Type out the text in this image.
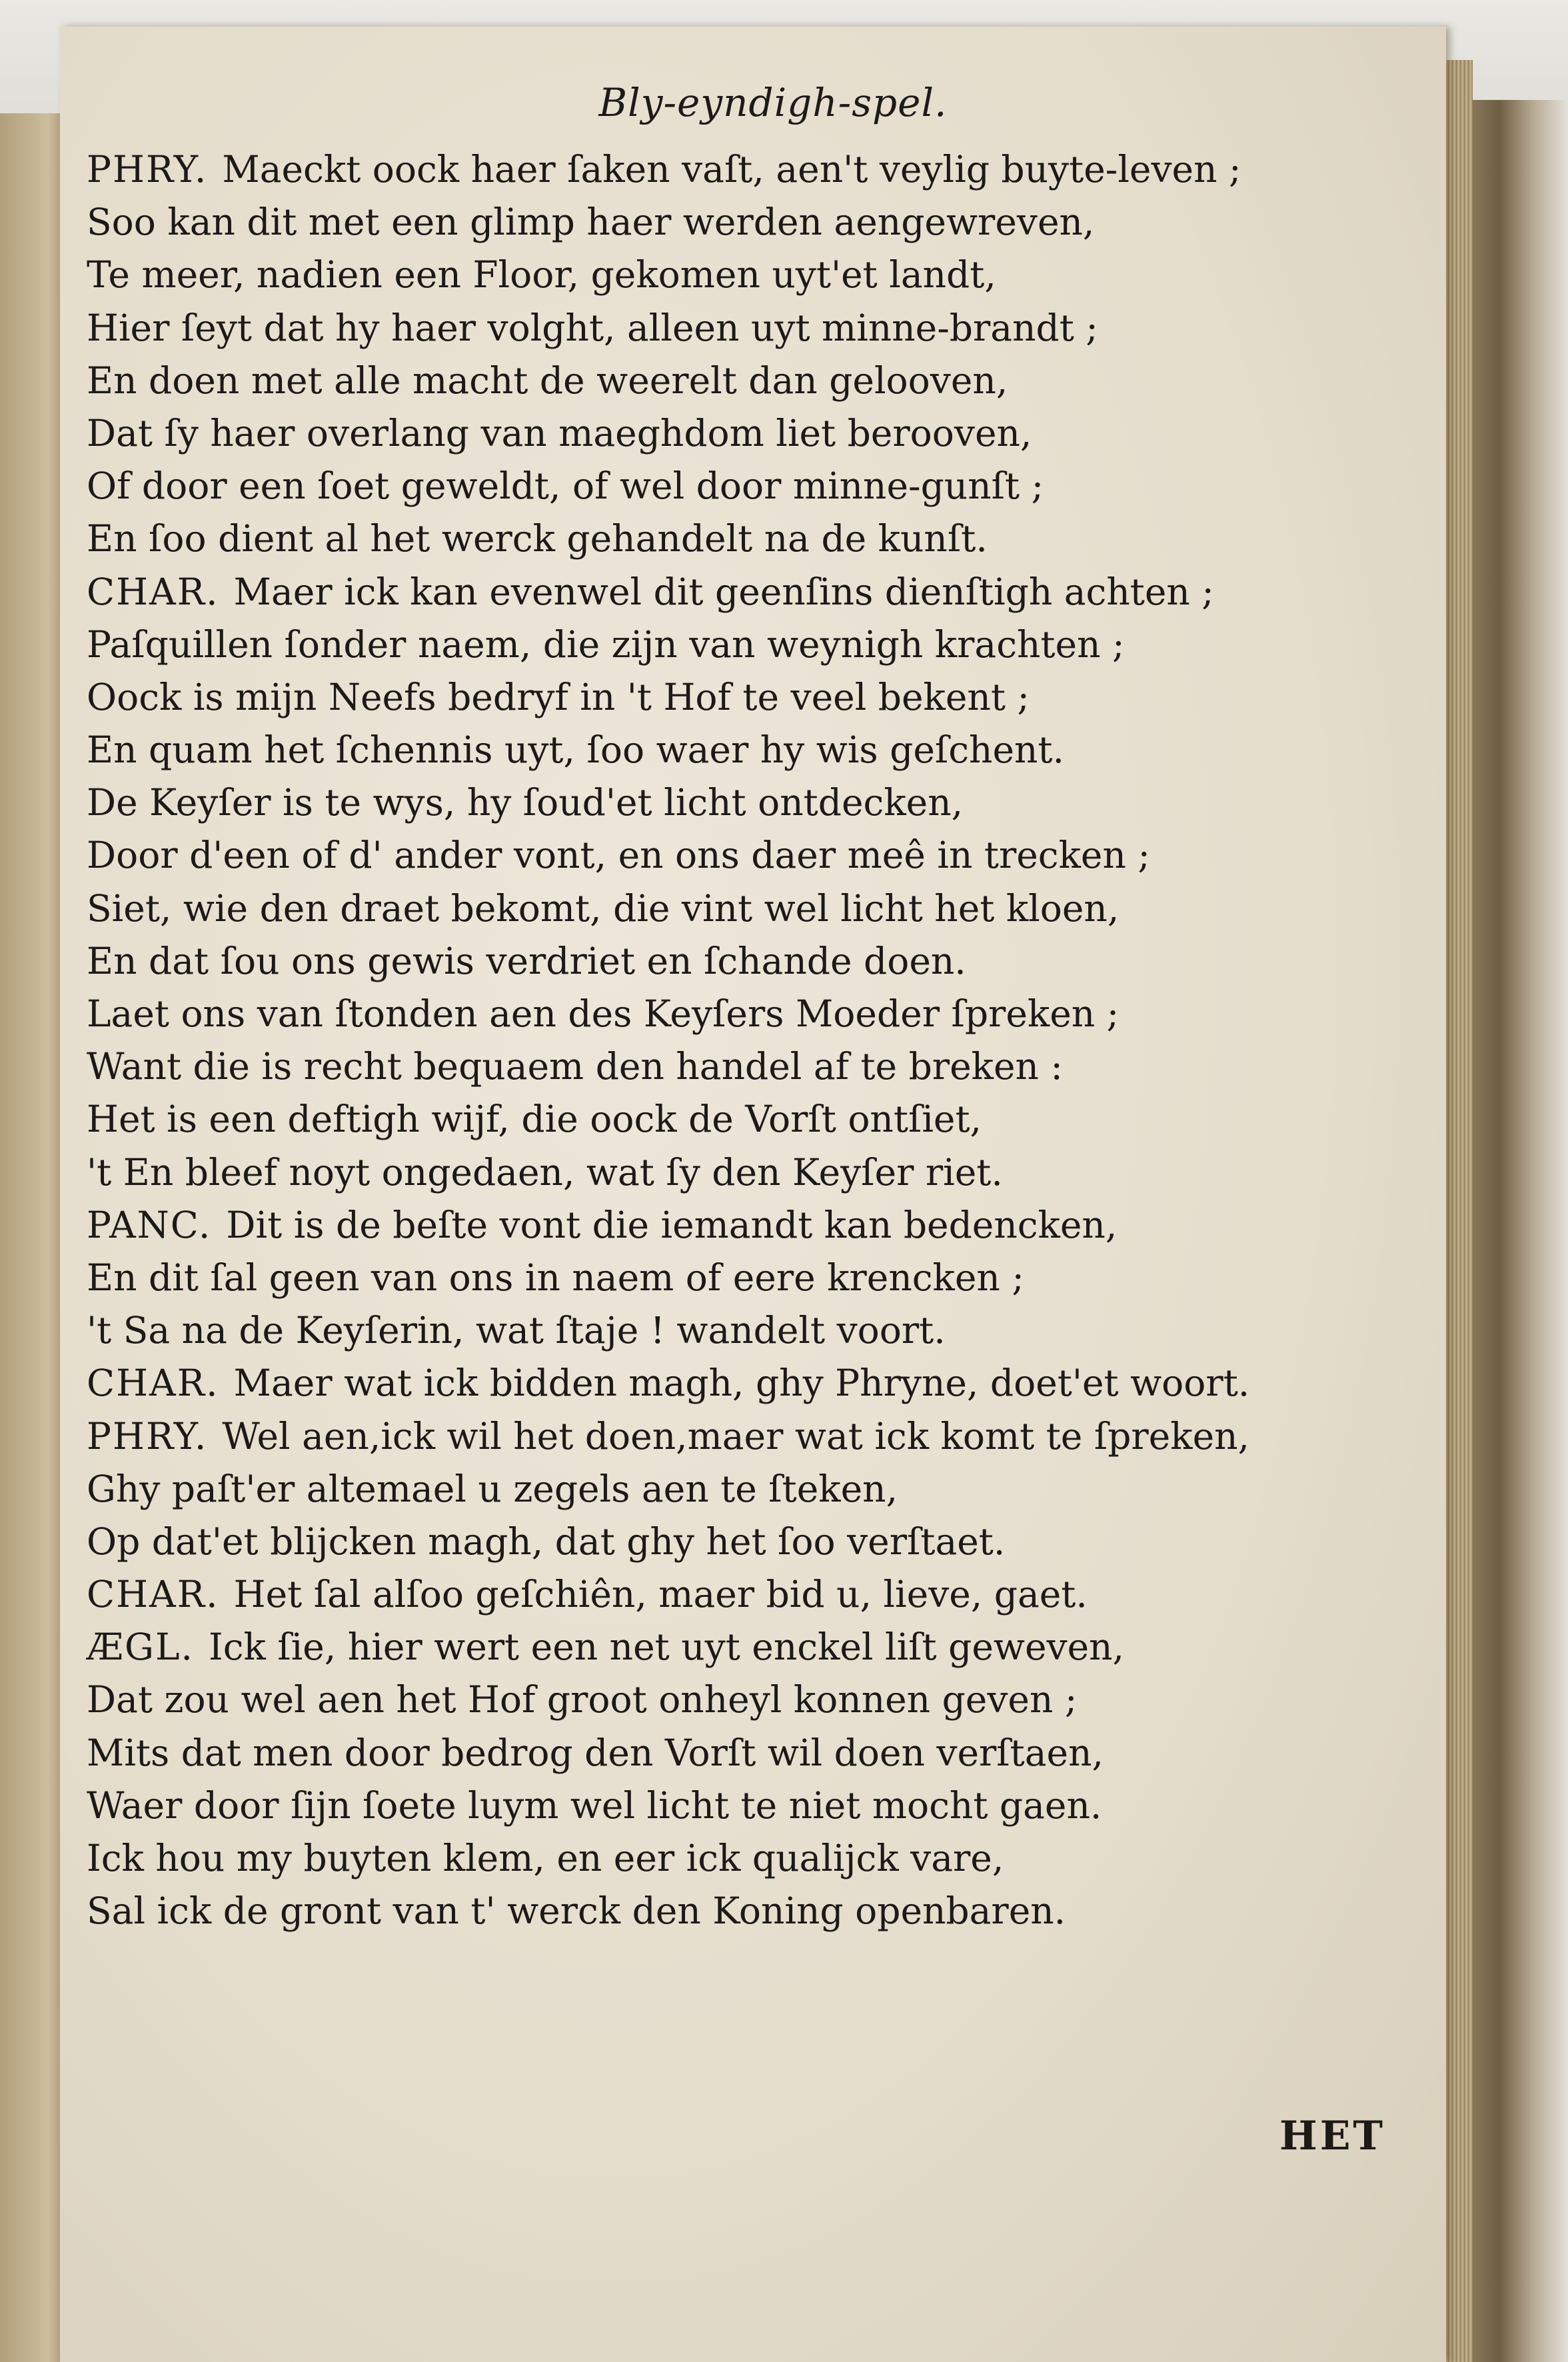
Bly-eyndigh-spel.
PHRY. Maeckt oock haer ſaken vaſt, aen't veylig buyte-leven ;
Soo kan dit met een glimp haer werden aengewreven,
Te meer, nadien een Floor, gekomen uyt'et landt,
Hier ſeyt dat hy haer volght, alleen uyt minne-brandt ;
En doen met alle macht de weerelt dan gelooven,
Dat ſy haer overlang van maeghdom liet berooven,
Of door een ſoet geweldt, of wel door minne-gunſt ;
En ſoo dient al het werck gehandelt na de kunſt.
CHAR. Maer ick kan evenwel dit geenſins dienſtigh achten ;
Paſquillen ſonder naem, die zijn van weynigh krachten ;
Oock is mijn Neefs bedryf in 't Hof te veel bekent ;
En quam het ſchennis uyt, ſoo waer hy wis geſchent.
De Keyſer is te wys, hy ſoud'et licht ontdecken,
Door d'een of d' ander vont, en ons daer meê in trecken ;
Siet, wie den draet bekomt, die vint wel licht het kloen,
En dat ſou ons gewis verdriet en ſchande doen.
Laet ons van ſtonden aen des Keyſers Moeder ſpreken ;
Want die is recht bequaem den handel af te breken :
Het is een deftigh wijf, die oock de Vorſt ontſiet,
't En bleef noyt ongedaen, wat ſy den Keyſer riet.
PANC. Dit is de beſte vont die iemandt kan bedencken,
En dit ſal geen van ons in naem of eere krencken ;
't Sa na de Keyſerin, wat ſtaje ! wandelt voort.
CHAR. Maer wat ick bidden magh, ghy Phryne, doet'et woort.
PHRY. Wel aen,ick wil het doen,maer wat ick komt te ſpreken,
Ghy paſt'er altemael u zegels aen te ſteken,
Op dat'et blijcken magh, dat ghy het ſoo verſtaet.
CHAR. Het ſal alſoo geſchiên, maer bid u, lieve, gaet.
ÆGL. Ick ſie, hier wert een net uyt enckel liſt geweven,
Dat zou wel aen het Hof groot onheyl konnen geven ;
Mits dat men door bedrog den Vorſt wil doen verſtaen,
Waer door ſijn ſoete luym wel licht te niet mocht gaen.
Ick hou my buyten klem, en eer ick qualijck vare,
Sal ick de gront van t' werck den Koning openbaren.
HET
